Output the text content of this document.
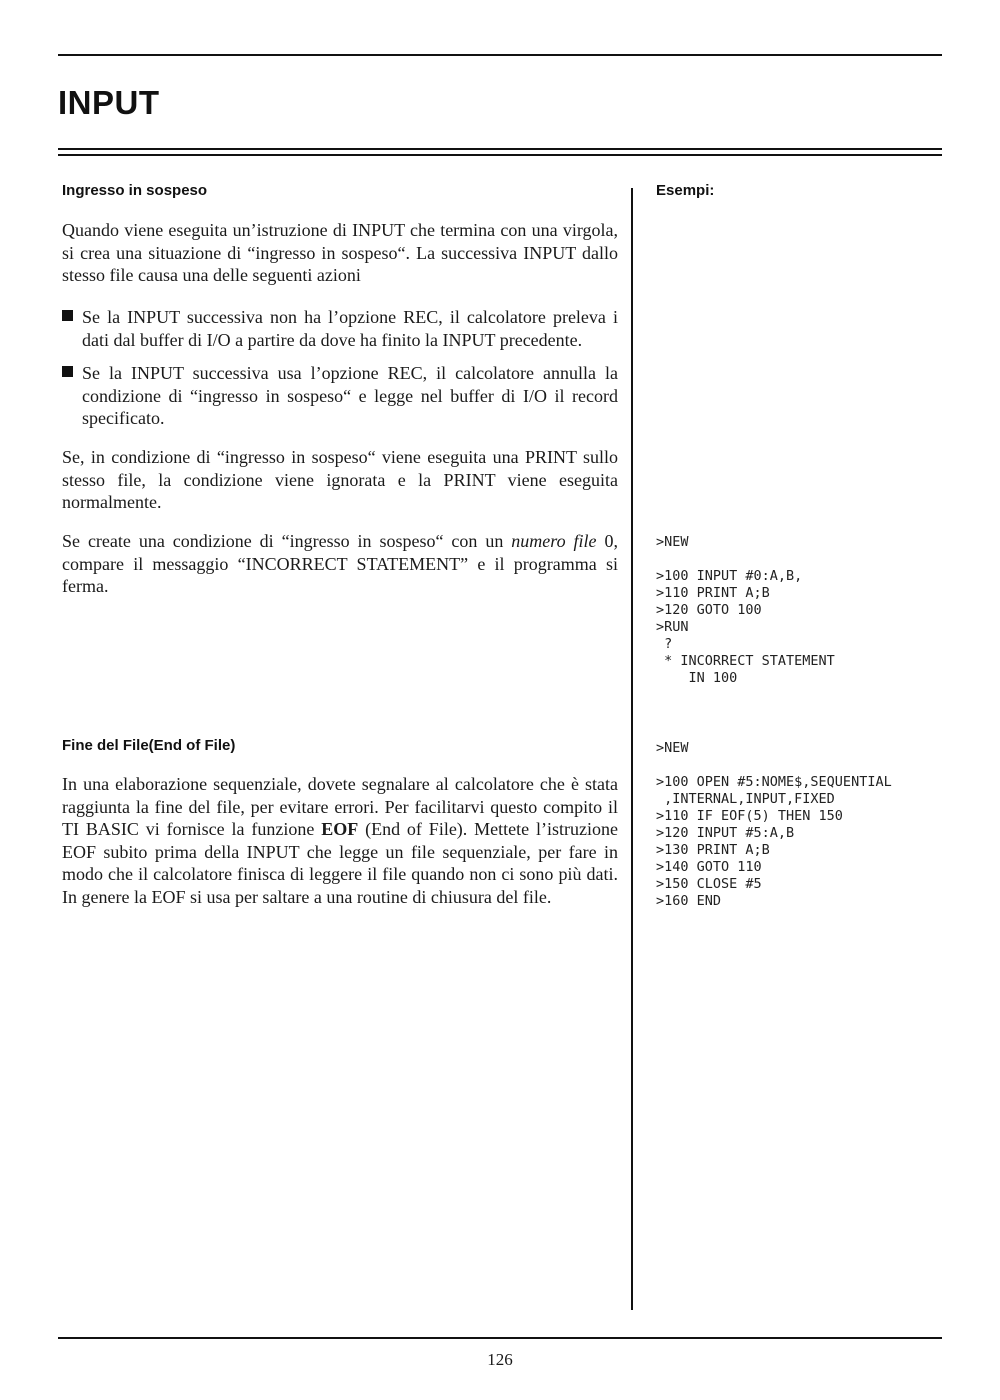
INPUT
Ingresso in sospeso

Quando viene eseguita un’istruzione di INPUT che termina con una virgola, si crea una situazione di “ingresso in sospeso“. La successiva INPUT dallo stesso file causa una delle seguenti azioni

Se la INPUT successiva non ha l’opzione REC, il calcolatore preleva i dati dal buffer di I/O a partire da dove ha finito la INPUT precedente.

Se la INPUT successiva usa l’opzione REC, il calcolatore annulla la condizione di “ingresso in sospeso“ e legge nel buffer di I/O il record specificato.

Se, in condizione di “ingresso in sospeso“ viene eseguita una PRINT sullo stesso file, la condizione viene ignorata e la PRINT viene eseguita normalmente.

Se create una condizione di “ingresso in sospeso“ con un numero file 0, compare il messaggio “INCORRECT STATEMENT” e il programma si ferma.

Fine del File(End of File)

In una elaborazione sequenziale, dovete segnalare al calcolatore che è stata raggiunta la fine del file, per evitare errori. Per facilitarvi questo compito il TI BASIC vi fornisce la funzione EOF (End of File). Mettete l’istruzione EOF subito prima della INPUT che legge un file sequenziale, per fare in modo che il calcolatore finisca di leggere il file quando non ci sono più dati. In genere la EOF si usa per saltare a una routine di chiusura del file.

Esempi:
>NEW

>100 INPUT #0:A,B,
>110 PRINT A;B
>120 GOTO 100
>RUN
?
* INCORRECT STATEMENT
IN 100
>NEW

>100 OPEN #5:NOME$,SEQUENTIAL
,INTERNAL,INPUT,FIXED
>110 IF EOF(5) THEN 150
>120 INPUT #5:A,B
>130 PRINT A;B
>140 GOTO 110
>150 CLOSE #5
>160 END
126
